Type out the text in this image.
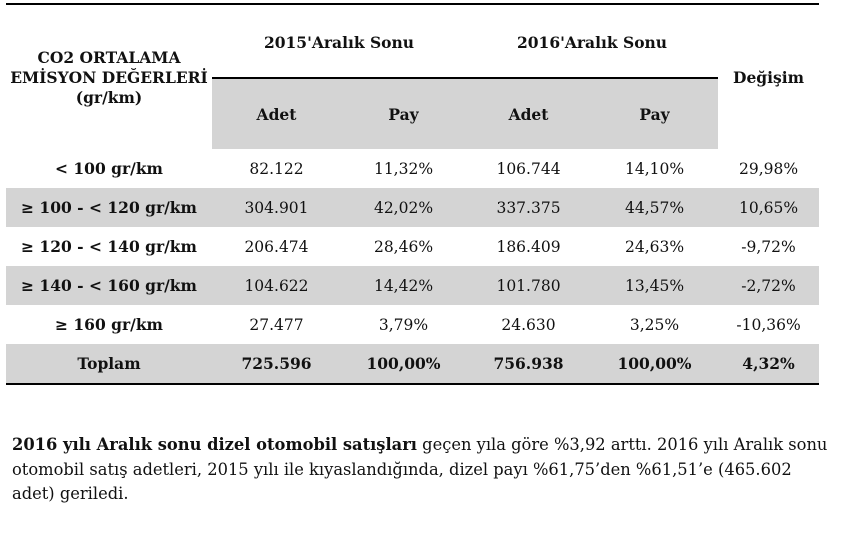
CO2 ORTALAMA EMİSYON DEĞERLERİ (gr/km)	2015'Aralık Sonu		2016'Aralık Sonu		Değişim
	Adet	Pay	Adet	Pay	
< 100 gr/km	82.122	11,32%	106.744	14,10%	29,98%
≥ 100 - < 120 gr/km	304.901	42,02%	337.375	44,57%	10,65%
≥ 120 - < 140 gr/km	206.474	28,46%	186.409	24,63%	-9,72%
≥ 140 - < 160 gr/km	104.622	14,42%	101.780	13,45%	-2,72%
≥ 160 gr/km	27.477	3,79%	24.630	3,25%	-10,36%
Toplam	725.596	100,00%	756.938	100,00%	4,32%

2016 yılı Aralık sonu dizel otomobil satışları geçen yıla göre %3,92 arttı. 2016 yılı Aralık sonu otomobil satış adetleri, 2015 yılı ile kıyaslandığında, dizel payı %61,75’den %61,51’e (465.602 adet) geriledi.
